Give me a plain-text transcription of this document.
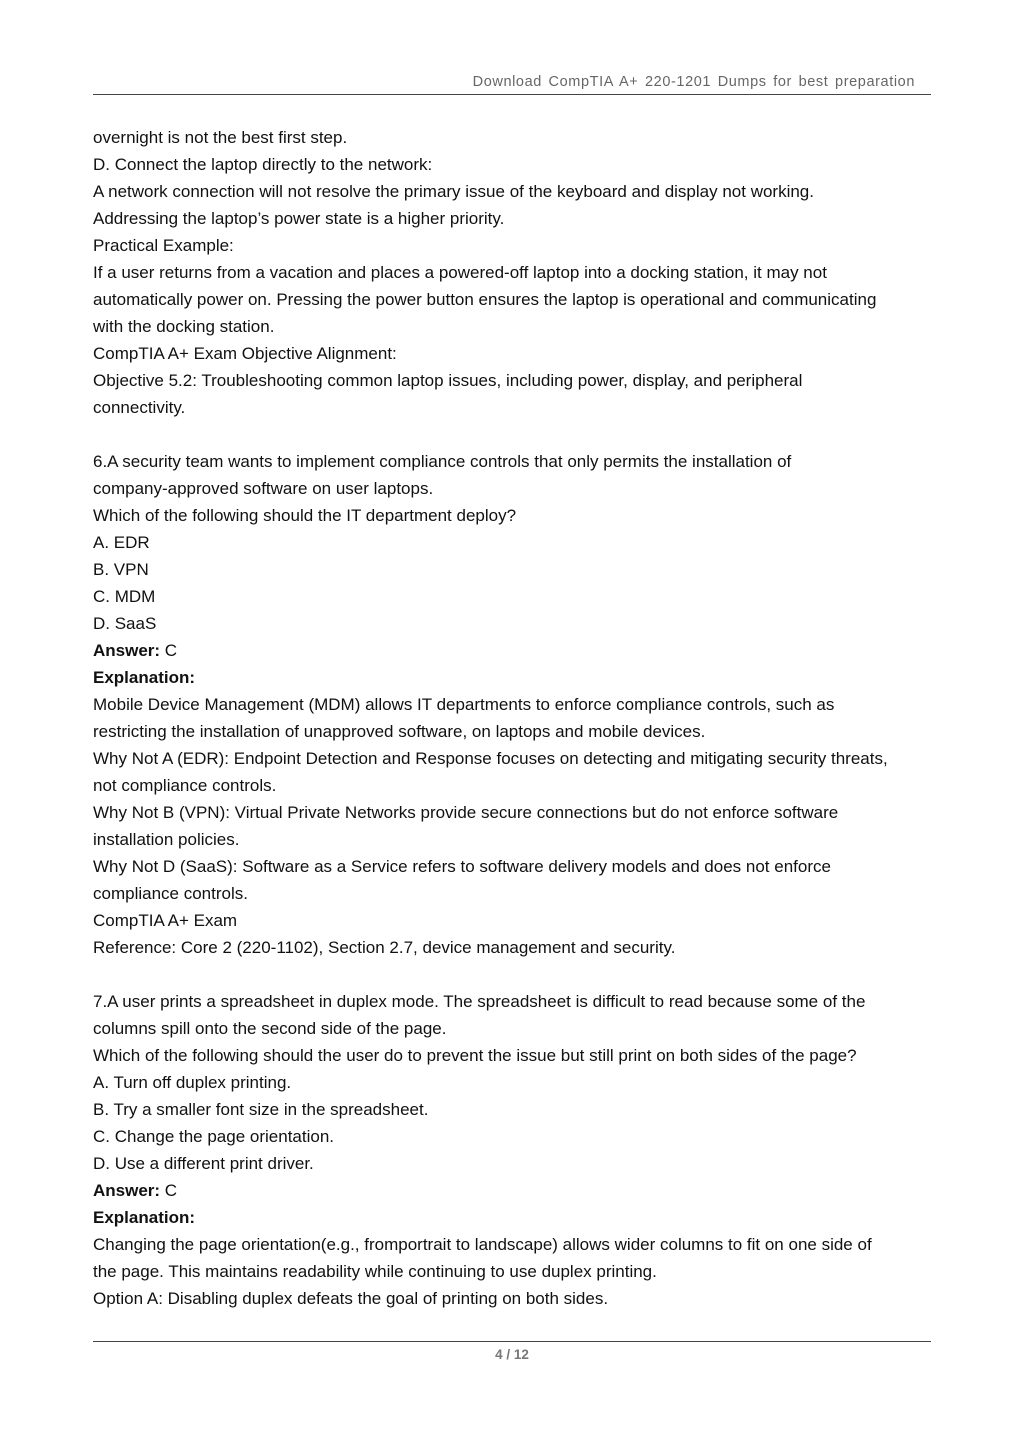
Download CompTIA A+ 220-1201 Dumps for best preparation
overnight is not the best first step.
D. Connect the laptop directly to the network:
A network connection will not resolve the primary issue of the keyboard and display not working.
Addressing the laptop’s power state is a higher priority.
Practical Example:
If a user returns from a vacation and places a powered-off laptop into a docking station, it may not
automatically power on. Pressing the power button ensures the laptop is operational and communicating
with the docking station.
CompTIA A+ Exam Objective Alignment:
Objective 5.2: Troubleshooting common laptop issues, including power, display, and peripheral
connectivity.
6.A security team wants to implement compliance controls that only permits the installation of
company-approved software on user laptops.
Which of the following should the IT department deploy?
A. EDR
B. VPN
C. MDM
D. SaaS
Answer: C
Explanation:
Mobile Device Management (MDM) allows IT departments to enforce compliance controls, such as
restricting the installation of unapproved software, on laptops and mobile devices.
Why Not A (EDR): Endpoint Detection and Response focuses on detecting and mitigating security threats,
not compliance controls.
Why Not B (VPN): Virtual Private Networks provide secure connections but do not enforce software
installation policies.
Why Not D (SaaS): Software as a Service refers to software delivery models and does not enforce
compliance controls.
CompTIA A+ Exam
Reference: Core 2 (220-1102), Section 2.7, device management and security.
7.A user prints a spreadsheet in duplex mode. The spreadsheet is difficult to read because some of the
columns spill onto the second side of the page.
Which of the following should the user do to prevent the issue but still print on both sides of the page?
A. Turn off duplex printing.
B. Try a smaller font size in the spreadsheet.
C. Change the page orientation.
D. Use a different print driver.
Answer: C
Explanation:
Changing the page orientation(e.g., fromportrait to landscape) allows wider columns to fit on one side of
the page. This maintains readability while continuing to use duplex printing.
Option A: Disabling duplex defeats the goal of printing on both sides.
4 / 12
